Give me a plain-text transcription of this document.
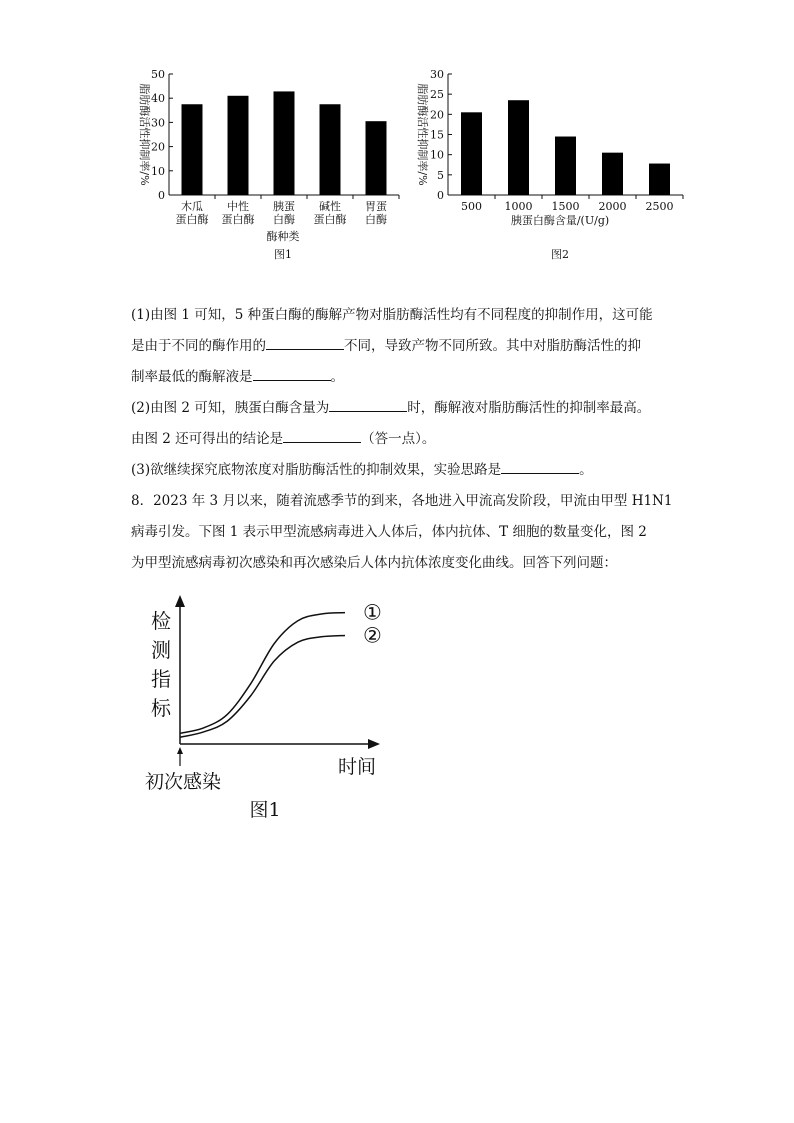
0
10
20
30
40
50
木瓜
蛋白酶
中性
蛋白酶
胰蛋
白酶
碱性
蛋白酶
胃蛋
白酶
脂肪酶活性抑制率/%
酶种类
图1
0
5
10
15
20
25
30
500 1000 1500 2000 2500
脂肪酶活性抑制率/%
胰蛋白酶含量/(U/g)
图2
(1)由图 1 可知，5 种蛋白酶的酶解产物对脂肪酶活性均有不同程度的抑制作用，这可能
是由于不同的酶作用的	不同，导致产物不同所致。其中对脂肪酶活性的抑
制率最低的酶解液是	。
(2)由图 2 可知，胰蛋白酶含量为	时，酶解液对脂肪酶活性的抑制率最高。
由图 2 还可得出的结论是	（答一点）。
(3)欲继续探究底物浓度对脂肪酶活性的抑制效果，实验思路是	。
8．2023 年 3 月以来，随着流感季节的到来，各地进入甲流高发阶段，甲流由甲型 H1N1
病毒引发。下图 1 表示甲型流感病毒进入人体后，体内抗体、T 细胞的数量变化，图 2
为甲型流感病毒初次感染和再次感染后人体内抗体浓度变化曲线。回答下列问题：
检
测
指
标
时间
初次感染
图1
①
②
